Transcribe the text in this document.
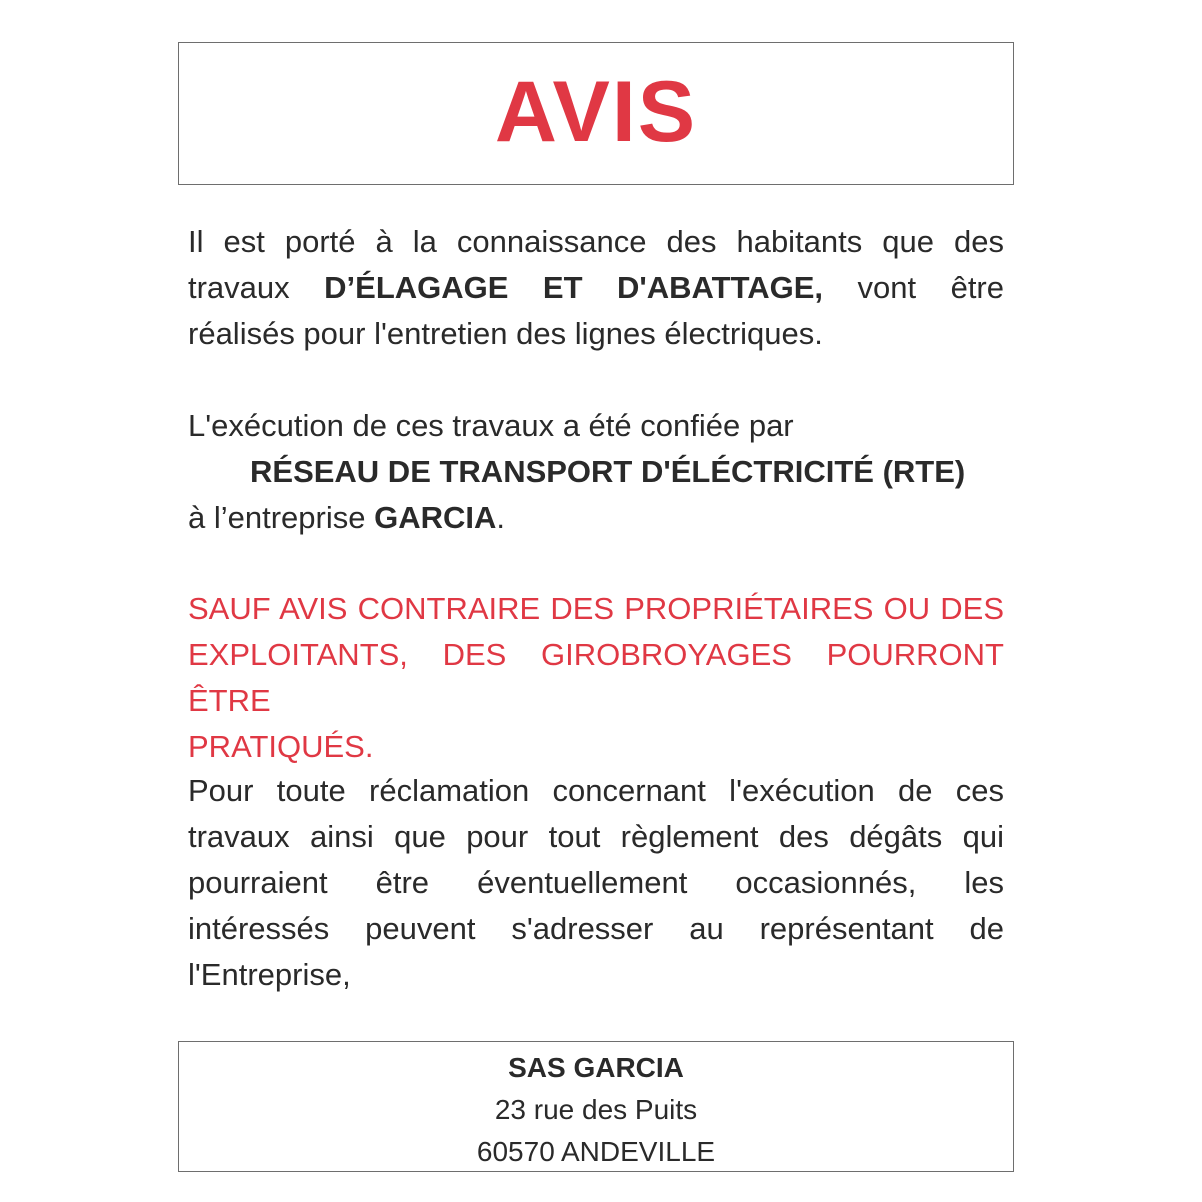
AVIS

Il est porté à la connaissance des habitants que des
travaux D’ÉLAGAGE ET D'ABATTAGE, vont être
réalisés pour l'entretien des lignes électriques.

L'exécution de ces travaux a été confiée par
RÉSEAU DE TRANSPORT D'ÉLÉCTRICITÉ (RTE)
à l’entreprise GARCIA.

SAUF AVIS CONTRAIRE DES PROPRIÉTAIRES OU DES
EXPLOITANTS, DES GIROBROYAGES POURRONT ÊTRE
PRATIQUÉS.

Pour toute réclamation concernant l'exécution de ces
travaux ainsi que pour tout règlement des dégâts qui
pourraient être éventuellement occasionnés, les
intéressés peuvent s'adresser au représentant de
l'Entreprise,

SAS GARCIA
23 rue des Puits
60570 ANDEVILLE
